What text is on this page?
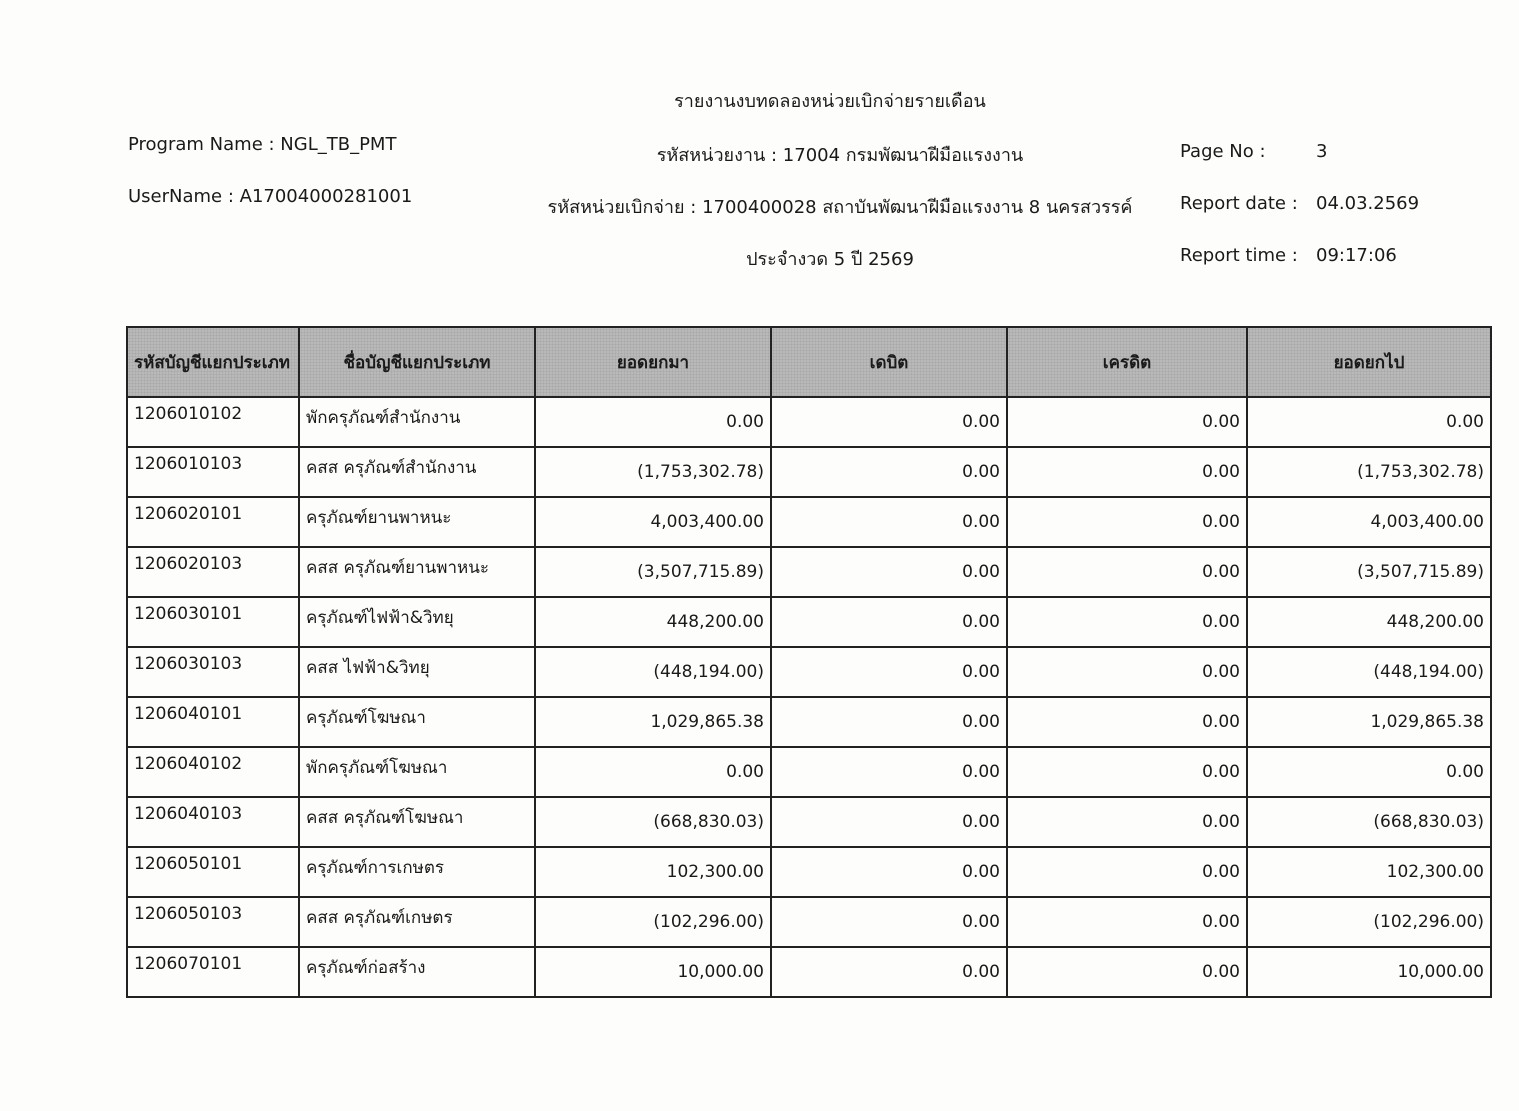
รายงานงบทดลองหน่วยเบิกจ่ายรายเดือน
Program Name : NGL_TB_PMT
UserName : A17004000281001
รหัสหน่วยงาน : 17004 กรมพัฒนาฝีมือแรงงาน
รหัสหน่วยเบิกจ่าย : 1700400028 สถาบันพัฒนาฝีมือแรงงาน 8 นครสวรรค์
ประจำงวด 5 ปี 2569
Page No :	3
Report date : 04.03.2569
Report time : 09:17:06
รหัสบัญชีแยกประเภท	ชื่อบัญชีแยกประเภท	ยอดยกมา	เดบิต	เครดิต	ยอดยกไป
1206010102	พักครุภัณฑ์สำนักงาน	0.00	0.00	0.00	0.00
1206010103	คสส ครุภัณฑ์สำนักงาน	(1,753,302.78)	0.00	0.00	(1,753,302.78)
1206020101	ครุภัณฑ์ยานพาหนะ	4,003,400.00	0.00	0.00	4,003,400.00
1206020103	คสส ครุภัณฑ์ยานพาหนะ	(3,507,715.89)	0.00	0.00	(3,507,715.89)
1206030101	ครุภัณฑ์ไฟฟ้า&วิทยุ	448,200.00	0.00	0.00	448,200.00
1206030103	คสส ไฟฟ้า&วิทยุ	(448,194.00)	0.00	0.00	(448,194.00)
1206040101	ครุภัณฑ์โฆษณา	1,029,865.38	0.00	0.00	1,029,865.38
1206040102	พักครุภัณฑ์โฆษณา	0.00	0.00	0.00	0.00
1206040103	คสส ครุภัณฑ์โฆษณา	(668,830.03)	0.00	0.00	(668,830.03)
1206050101	ครุภัณฑ์การเกษตร	102,300.00	0.00	0.00	102,300.00
1206050103	คสส ครุภัณฑ์เกษตร	(102,296.00)	0.00	0.00	(102,296.00)
1206070101	ครุภัณฑ์ก่อสร้าง	10,000.00	0.00	0.00	10,000.00
